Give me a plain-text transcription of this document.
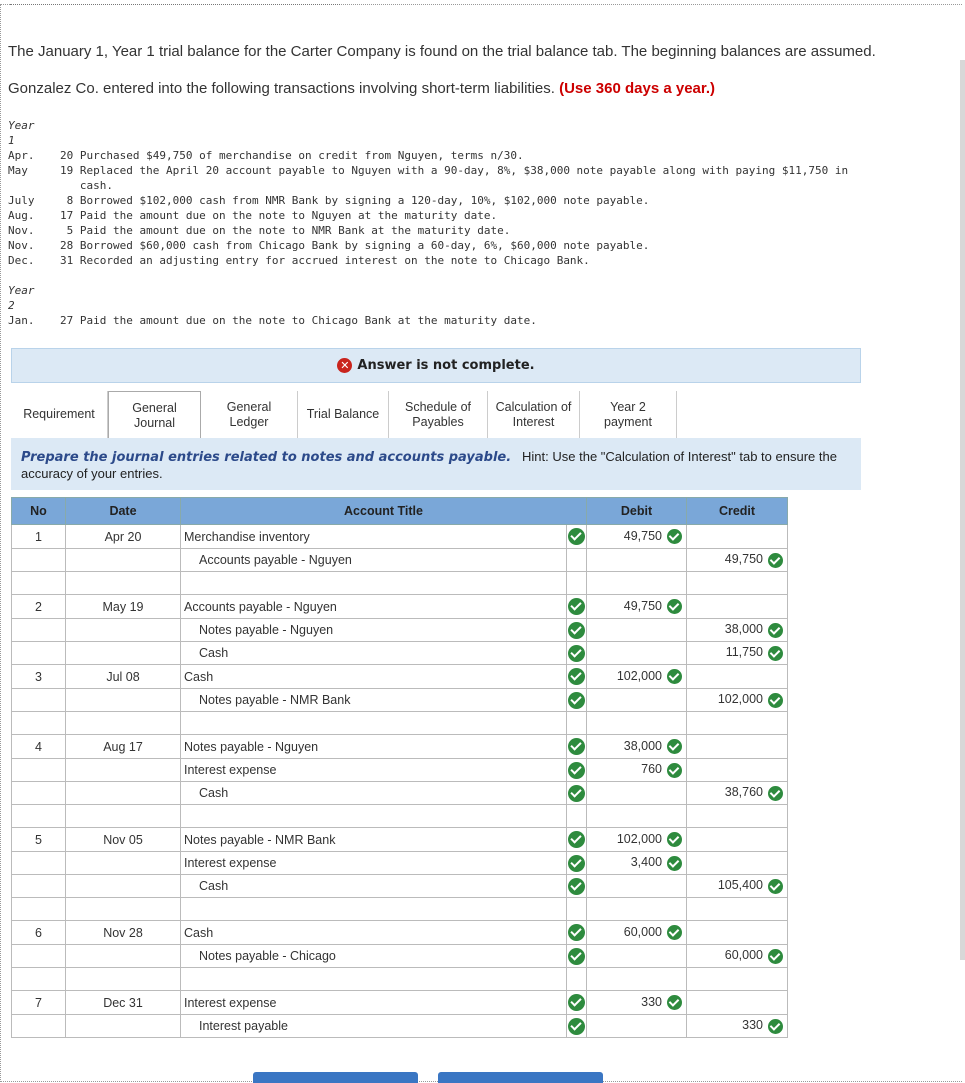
The January 1, Year 1 trial balance for the Carter Company is found on the trial balance tab. The beginning balances are assumed.
Gonzalez Co. entered into the following transactions involving short-term liabilities. (Use 360 days a year.)
Year
1
Apr. 20 Purchased $49,750 of merchandise on credit from Nguyen, terms n/30.
May	19 Replaced the April 20 account payable to Nguyen with a 90-day, 8%, $38,000 note payable along with paying $11,750 in
cash.
July 8 Borrowed $102,000 cash from NMR Bank by signing a 120-day, 10%, $102,000 note payable.
Aug. 17 Paid the amount due on the note to Nguyen at the maturity date.
Nov. 5 Paid the amount due on the note to NMR Bank at the maturity date.
Nov. 28 Borrowed $60,000 cash from Chicago Bank by signing a 60-day, 6%, $60,000 note payable.
Dec. 31 Recorded an adjusting entry for accrued interest on the note to Chicago Bank.
Year
2
Jan. 27 Paid the amount due on the note to Chicago Bank at the maturity date.
✕ Answer is not complete.
Requirement	General Journal
General Ledger
Trial Balance
Schedule of Payables
Calculation of Interest
Year 2 payment
Prepare the journal entries related to notes and accounts payable. Hint: Use the "Calculation of Interest" tab to ensure the accuracy of your entries.
No	Date	Account Title		Debit	Credit
1	Apr 20	Merchandise inventory		49,750	
		Accounts payable - Nguyen			49,750

2	May 19	Accounts payable - Nguyen		49,750	
		Notes payable - Nguyen			38,000
		Cash			11,750
3	Jul 08	Cash		102,000	
		Notes payable - NMR Bank			102,000

4	Aug 17	Notes payable - Nguyen		38,000	
		Interest expense		760	
		Cash			38,760

5	Nov 05	Notes payable - NMR Bank		102,000	
		Interest expense		3,400	
		Cash			105,400

6	Nov 28	Cash		60,000	
		Notes payable - Chicago			60,000

7	Dec 31	Interest expense		330	
		Interest payable			330
